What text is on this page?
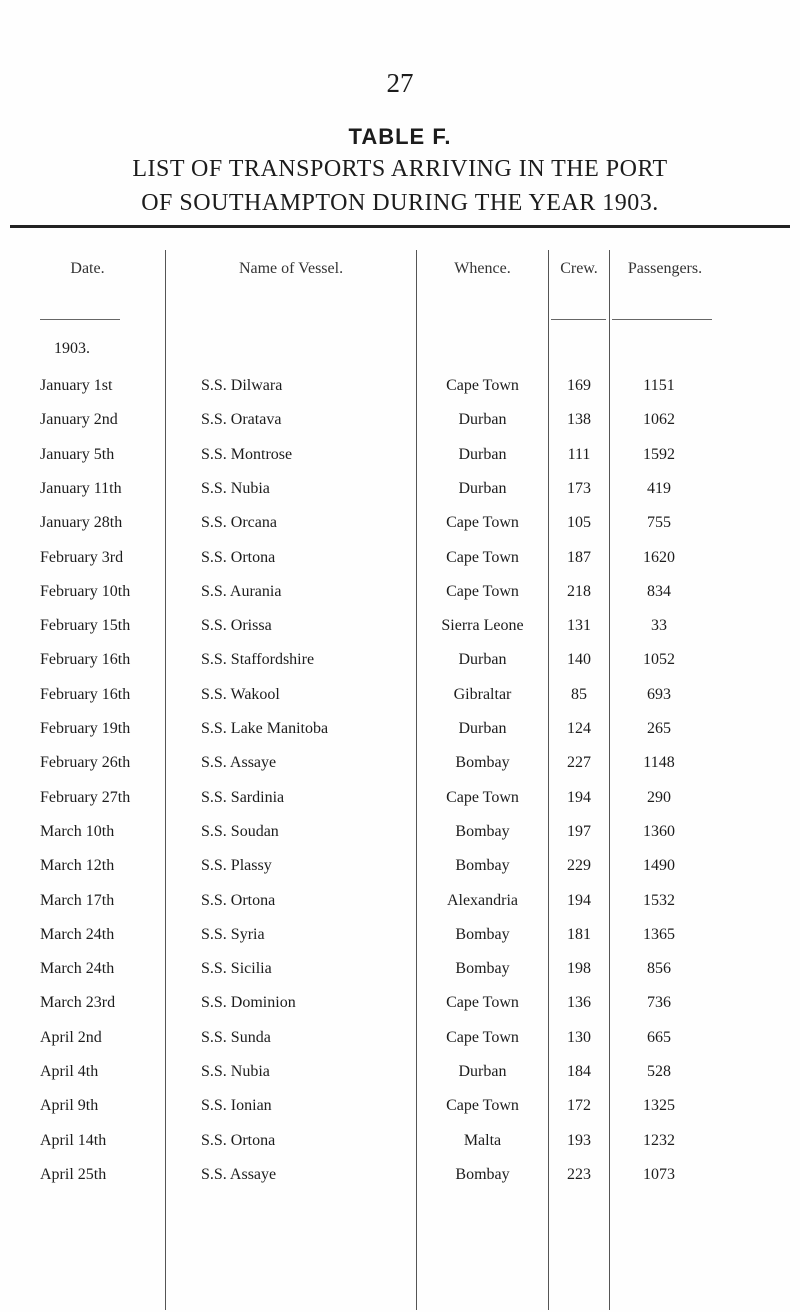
27
TABLE F.
LIST OF TRANSPORTS ARRIVING IN THE PORT
OF SOUTHAMPTON DURING THE YEAR 1903.
Date.	Name of Vessel.	Whence.	Crew.	Passengers.
1903.
January 1st	S.S. Dilwara	Cape Town	169	1151
January 2nd	S.S. Oratava	Durban	138	1062
January 5th	S.S. Montrose	Durban	111	1592
January 11th	S.S. Nubia	Durban	173	419
January 28th	S.S. Orcana	Cape Town	105	755
February 3rd	S.S. Ortona	Cape Town	187	1620
February 10th	S.S. Aurania	Cape Town	218	834
February 15th	S.S. Orissa	Sierra Leone	131	33
February 16th	S.S. Staffordshire	Durban	140	1052
February 16th	S.S. Wakool	Gibraltar	85	693
February 19th	S.S. Lake Manitoba	Durban	124	265
February 26th	S.S. Assaye	Bombay	227	1148
February 27th	S.S. Sardinia	Cape Town	194	290
March 10th	S.S. Soudan	Bombay	197	1360
March 12th	S.S. Plassy	Bombay	229	1490
March 17th	S.S. Ortona	Alexandria	194	1532
March 24th	S.S. Syria	Bombay	181	1365
March 24th	S.S. Sicilia	Bombay	198	856
March 23rd	S.S. Dominion	Cape Town	136	736
April 2nd	S.S. Sunda	Cape Town	130	665
April 4th	S.S. Nubia	Durban	184	528
April 9th	S.S. Ionian	Cape Town	172	1325
April 14th	S.S. Ortona	Malta	193	1232
April 25th	S.S. Assaye	Bombay	223	1073
